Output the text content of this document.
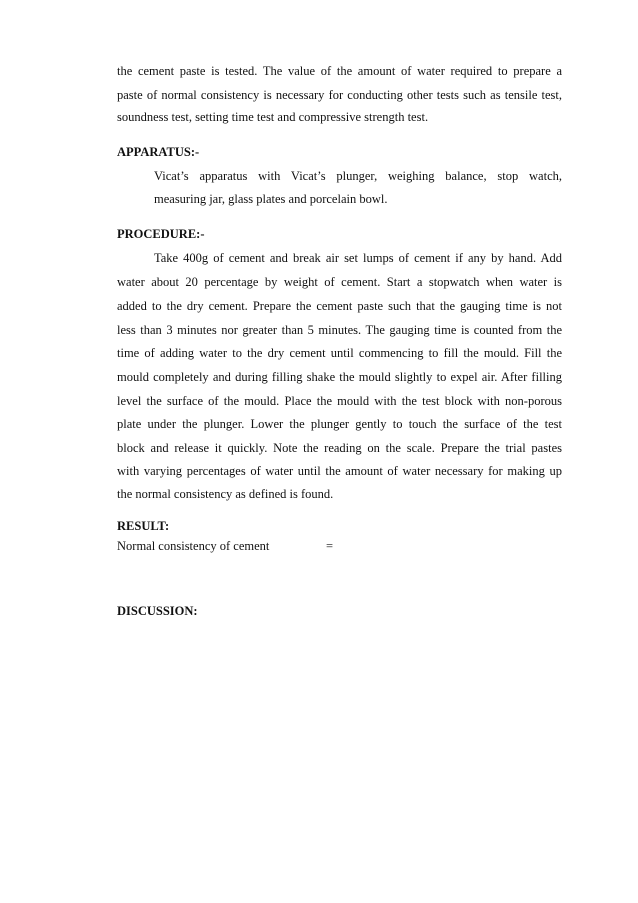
the cement paste is tested. The value of the amount of water required to prepare a
paste of normal consistency is necessary for conducting other tests such as tensile test,
soundness test, setting time test and compressive strength test.
APPARATUS:-
Vicat’s apparatus with Vicat’s plunger, weighing balance, stop watch,
measuring jar, glass plates and porcelain bowl.
PROCEDURE:-
Take 400g of cement and break air set lumps of cement if any by hand. Add
water about 20 percentage by weight of cement. Start a stopwatch when water is
added to the dry cement. Prepare the cement paste such that the gauging time is not
less than 3 minutes nor greater than 5 minutes. The gauging time is counted from the
time of adding water to the dry cement until commencing to fill the mould. Fill the
mould completely and during filling shake the mould slightly to expel air. After filling
level the surface of the mould. Place the mould with the test block with non-porous
plate under the plunger. Lower the plunger gently to touch the surface of the test
block and release it quickly. Note the reading on the scale. Prepare the trial pastes
with varying percentages of water until the amount of water necessary for making up
the normal consistency as defined is found.
RESULT:
Normal consistency of cement	=
DISCUSSION:
